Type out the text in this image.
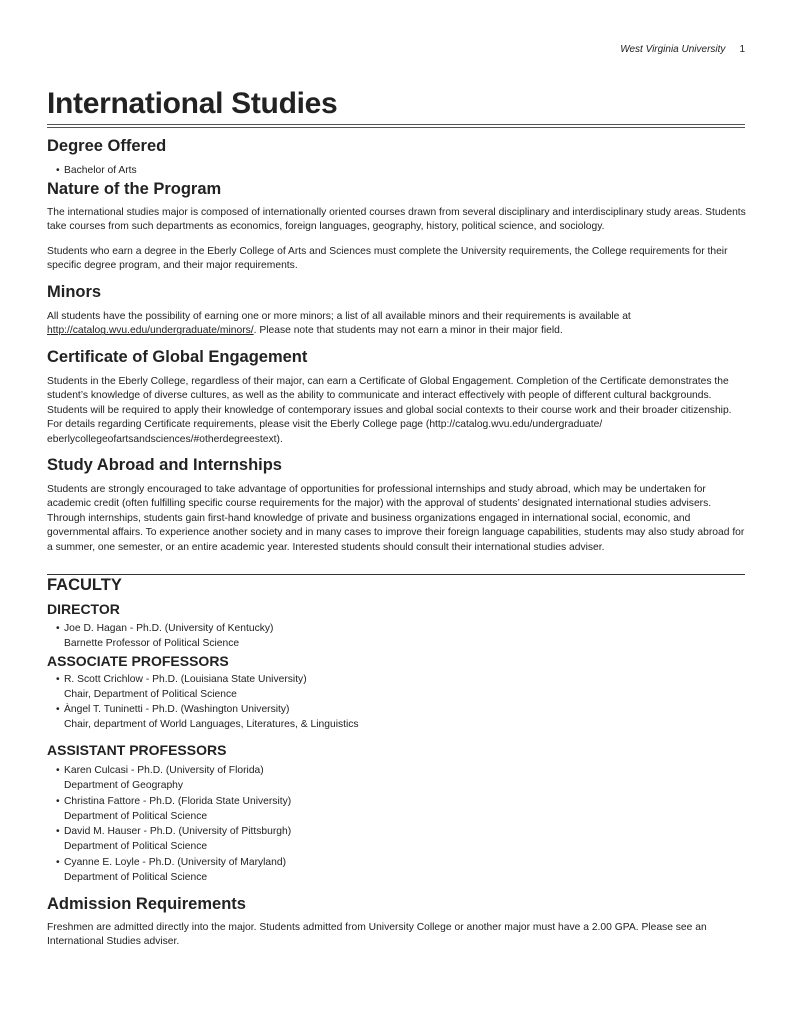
West Virginia University 1
International Studies
Degree Offered
• Bachelor of Arts
Nature of the Program
The international studies major is composed of internationally oriented courses drawn from several disciplinary and interdisciplinary study areas. Students take courses from such departments as economics, foreign languages, geography, history, political science, and sociology.
Students who earn a degree in the Eberly College of Arts and Sciences must complete the University requirements, the College requirements for their specific degree program, and their major requirements.
Minors
All students have the possibility of earning one or more minors; a list of all available minors and their requirements is available at http://catalog.wvu.edu/undergraduate/minors/. Please note that students may not earn a minor in their major field.
Certificate of Global Engagement
Students in the Eberly College, regardless of their major, can earn a Certificate of Global Engagement. Completion of the Certificate demonstrates the student’s knowledge of diverse cultures, as well as the ability to communicate and interact effectively with people of different cultural backgrounds. Students will be required to apply their knowledge of contemporary issues and global social contexts to their course work and their broader citizenship. For details regarding Certificate requirements, please visit the Eberly College page (http://catalog.wvu.edu/undergraduate/ eberlycollegeofartsandsciences/#otherdegreestext).
Study Abroad and Internships
Students are strongly encouraged to take advantage of opportunities for professional internships and study abroad, which may be undertaken for academic credit (often fulfilling specific course requirements for the major) with the approval of students’ designated international studies advisers. Through internships, students gain first-hand knowledge of private and business organizations engaged in international social, economic, and governmental affairs. To experience another society and in many cases to improve their foreign language capabilities, students may also study abroad for a summer, one semester, or an entire academic year. Interested students should consult their international studies adviser.
FACULTY
DIRECTOR
• Joe D. Hagan - Ph.D. (University of Kentucky)
Barnette Professor of Political Science
ASSOCIATE PROFESSORS
• R. Scott Crichlow - Ph.D. (Louisiana State University)
Chair, Department of Political Science
• Àngel T. Tuninetti - Ph.D. (Washington University)
Chair, department of World Languages, Literatures, & Linguistics
ASSISTANT PROFESSORS
• Karen Culcasi - Ph.D. (University of Florida)
Department of Geography
• Christina Fattore - Ph.D. (Florida State University)
Department of Political Science
• David M. Hauser - Ph.D. (University of Pittsburgh)
Department of Political Science
• Cyanne E. Loyle - Ph.D. (University of Maryland)
Department of Political Science
Admission Requirements
Freshmen are admitted directly into the major. Students admitted from University College or another major must have a 2.00 GPA. Please see an International Studies adviser.
